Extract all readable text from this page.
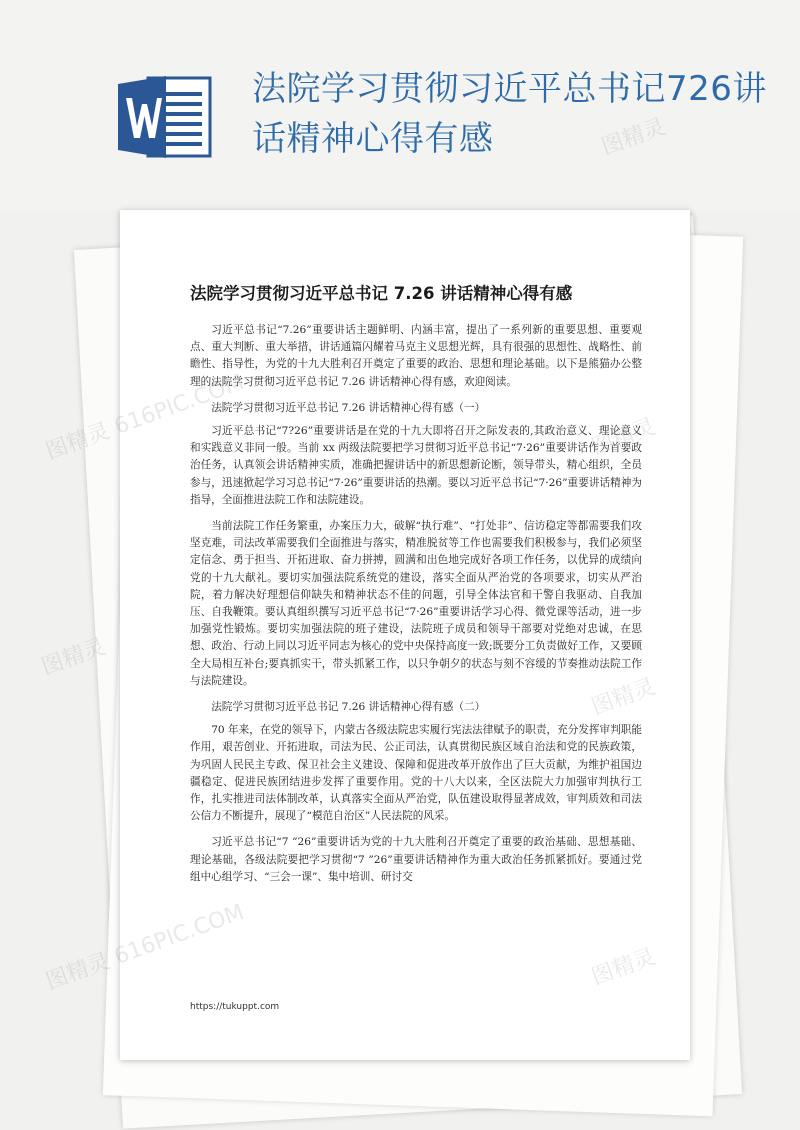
法院学习贯彻习近平总书记726讲话精神心得有感
法院学习贯彻习近平总书记 7.26 讲话精神心得有感

习近平总书记“7.26”重要讲话主题鲜明、内涵丰富，提出了一系列新的重要思想、重要观点、重大判断、重大举措，讲话通篇闪耀着马克主义思想光辉，具有很强的思想性、战略性、前瞻性、指导性，为党的十九大胜利召开奠定了重要的政治、思想和理论基础。以下是熊猫办公整理的法院学习贯彻习近平总书记 7.26 讲话精神心得有感，欢迎阅读。

法院学习贯彻习近平总书记 7.26 讲话精神心得有感（一）

习近平总书记“7?26”重要讲话是在党的十九大即将召开之际发表的,其政治意义、理论意义和实践意义非同一般。当前 xx 两级法院要把学习贯彻习近平总书记“7·26”重要讲话作为首要政治任务，认真领会讲话精神实质，准确把握讲话中的新思想新论断，领导带头，精心组织，全员参与，迅速掀起学习习总书记“7·26”重要讲话的热潮。要以习近平总书记“7·26”重要讲话精神为指导，全面推进法院工作和法院建设。

当前法院工作任务繁重，办案压力大，破解“执行难”、“打处非”、信访稳定等都需要我们攻坚克难，司法改革需要我们全面推进与落实，精准脱贫等工作也需要我们积极参与，我们必须坚定信念、勇于担当、开拓进取、奋力拼搏，圆满和出色地完成好各项工作任务，以优异的成绩向党的十九大献礼。要切实加强法院系统党的建设，落实全面从严治党的各项要求，切实从严治院，着力解决好理想信仰缺失和精神状态不佳的问题，引导全体法官和干警自我驱动、自我加压、自我鞭策。要认真组织撰写习近平总书记“7·26”重要讲话学习心得、微党课等活动，进一步加强党性锻炼。要切实加强法院的班子建设，法院班子成员和领导干部要对党绝对忠诚，在思想、政治、行动上同以习近平同志为核心的党中央保持高度一致;既要分工负责做好工作，又要顾全大局相互补台;要真抓实干，带头抓紧工作，以只争朝夕的状态与刻不容缓的节奏推动法院工作与法院建设。

法院学习贯彻习近平总书记 7.26 讲话精神心得有感（二）

70 年来，在党的领导下，内蒙古各级法院忠实履行宪法法律赋予的职责，充分发挥审判职能作用，艰苦创业、开拓进取，司法为民、公正司法，认真贯彻民族区域自治法和党的民族政策，为巩固人民民主专政、保卫社会主义建设、保障和促进改革开放作出了巨大贡献，为维护祖国边疆稳定、促进民族团结进步发挥了重要作用。党的十八大以来，全区法院大力加强审判执行工作，扎实推进司法体制改革，认真落实全面从严治党，队伍建设取得显著成效，审判质效和司法公信力不断提升，展现了“模范自治区”人民法院的风采。

习近平总书记“7 ”26”重要讲话为党的十九大胜利召开奠定了重要的政治基础、思想基础、理论基础，各级法院要把学习贯彻“7 ”26”重要讲话精神作为重大政治任务抓紧抓好。要通过党组中心组学习、“三会一课”、集中培训、研讨交

https://tukuppt.com
图精灵
图精灵
图精灵
